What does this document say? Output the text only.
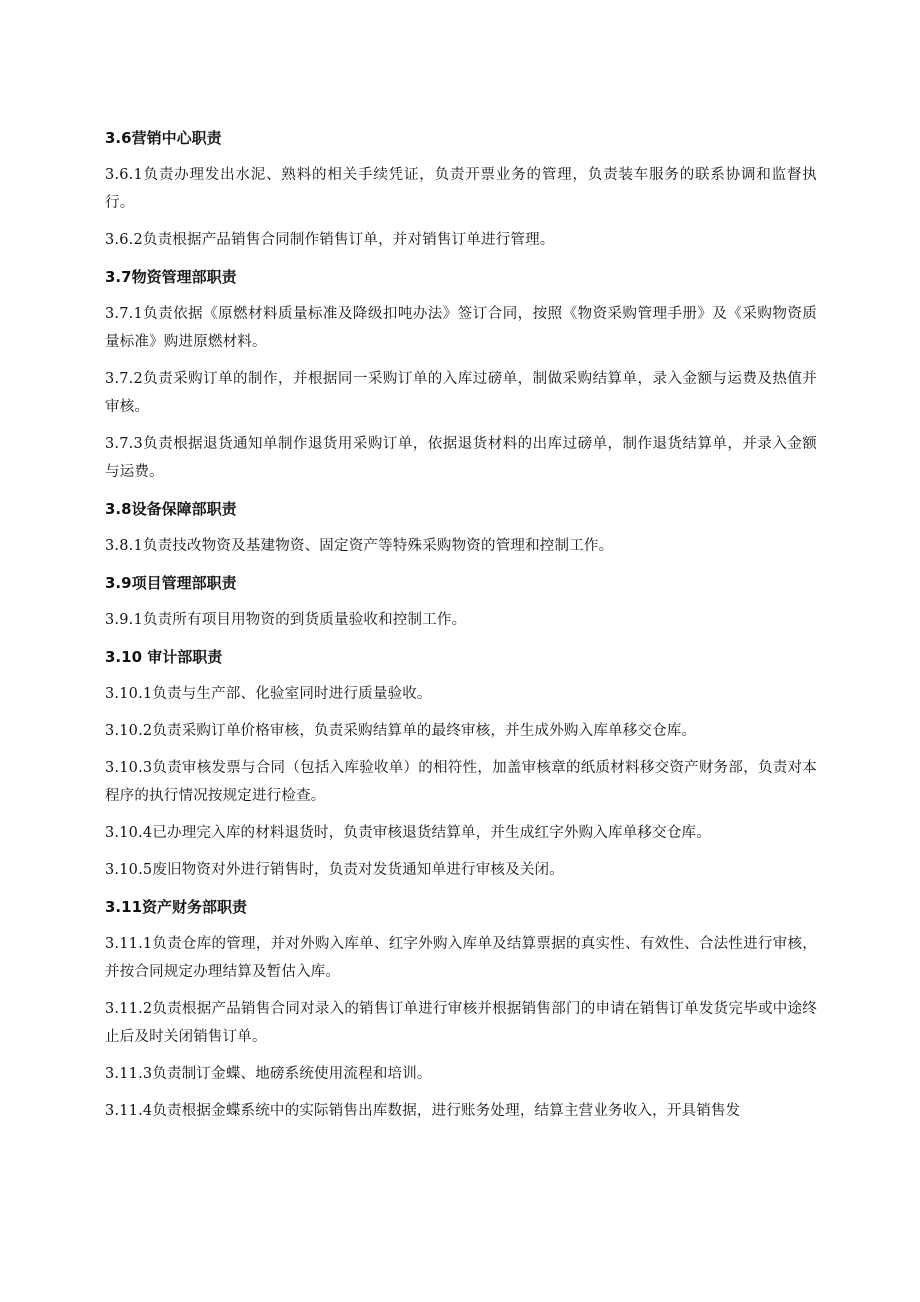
3.6营销中心职责
3.6.1负责办理发出水泥、熟料的相关手续凭证，负责开票业务的管理，负责装车服务的联系协调和监督执行。
3.6.2负责根据产品销售合同制作销售订单，并对销售订单进行管理。
3.7物资管理部职责
3.7.1负责依据《原燃材料质量标准及降级扣吨办法》签订合同，按照《物资采购管理手册》及《采购物资质量标准》购进原燃材料。
3.7.2负责采购订单的制作，并根据同一采购订单的入库过磅单，制做采购结算单，录入金额与运费及热值并审核。
3.7.3负责根据退货通知单制作退货用采购订单，依据退货材料的出库过磅单，制作退货结算单，并录入金额与运费。
3.8设备保障部职责
3.8.1负责技改物资及基建物资、固定资产等特殊采购物资的管理和控制工作。
3.9项目管理部职责
3.9.1负责所有项目用物资的到货质量验收和控制工作。
3.10 审计部职责
3.10.1负责与生产部、化验室同时进行质量验收。
3.10.2负责采购订单价格审核，负责采购结算单的最终审核，并生成外购入库单移交仓库。
3.10.3负责审核发票与合同（包括入库验收单）的相符性，加盖审核章的纸质材料移交资产财务部，负责对本程序的执行情况按规定进行检查。
3.10.4已办理完入库的材料退货时，负责审核退货结算单，并生成红字外购入库单移交仓库。
3.10.5废旧物资对外进行销售时，负责对发货通知单进行审核及关闭。
3.11资产财务部职责
3.11.1负责仓库的管理，并对外购入库单、红字外购入库单及结算票据的真实性、有效性、合法性进行审核，并按合同规定办理结算及暂估入库。
3.11.2负责根据产品销售合同对录入的销售订单进行审核并根据销售部门的申请在销售订单发货完毕或中途终止后及时关闭销售订单。
3.11.3负责制订金蝶、地磅系统使用流程和培训。
3.11.4负责根据金蝶系统中的实际销售出库数据，进行账务处理，结算主营业务收入，开具销售发
